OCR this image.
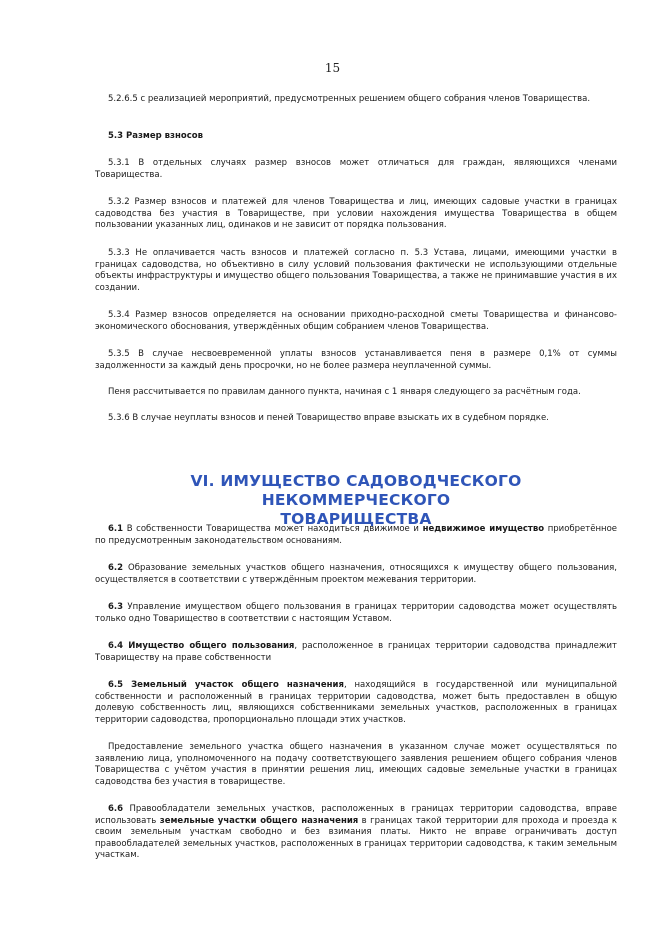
15
5.2.6.5 с реализацией мероприятий, предусмотренных решением общего собрания членов Товарищества.
5.3 Размер взносов
5.3.1 В отдельных случаях размер взносов может отличаться для граждан, являющихся членами Товарищества.
5.3.2 Размер взносов и платежей для членов Товарищества и лиц, имеющих садовые участки в границах садоводства без участия в Товариществе, при условии нахождения имущества Товарищества в общем пользовании указанных лиц, одинаков и не зависит от порядка пользования.
5.3.3 Не оплачивается часть взносов и платежей согласно п. 5.3 Устава, лицами, имеющими участки в границах садоводства, но объективно в силу условий пользования фактически не использующими отдельные объекты инфраструктуры и имущество общего пользования Товарищества, а также не принимавшие участия в их создании.
5.3.4 Размер взносов определяется на основании приходно-расходной сметы Товарищества и финансово-экономического обоснования, утверждённых общим собранием членов Товарищества.
5.3.5 В случае несвоевременной уплаты взносов устанавливается пеня в размере 0,1% от суммы задолженности за каждый день просрочки, но не более размера неуплаченной суммы.
Пеня рассчитывается по правилам данного пункта, начиная с 1 января следующего за расчётным года.
5.3.6 В случае неуплаты взносов и пеней Товарищество вправе взыскать их в судебном порядке.
VI. ИМУЩЕСТВО САДОВОДЧЕСКОГО НЕКОММЕРЧЕСКОГО
ТОВАРИЩЕСТВА
6.1 В собственности Товарищества может находиться движимое и недвижимое имущество приобретённое по предусмотренным законодательством основаниям.
6.2 Образование земельных участков общего назначения, относящихся к имуществу общего пользования, осуществляется в соответствии с утверждённым проектом межевания территории.
6.3 Управление имуществом общего пользования в границах территории садоводства может осуществлять только одно Товарищество в соответствии с настоящим Уставом.
6.4 Имущество общего пользования, расположенное в границах территории садоводства принадлежит Товариществу на праве собственности
6.5 Земельный участок общего назначения, находящийся в государственной или муниципальной собственности и расположенный в границах территории садоводства, может быть предоставлен в общую долевую собственность лиц, являющихся собственниками земельных участков, расположенных в границах территории садоводства, пропорционально площади этих участков.
Предоставление земельного участка общего назначения в указанном случае может осуществляться по заявлению лица, уполномоченного на подачу соответствующего заявления решением общего собрания членов Товарищества с учётом участия в принятии решения лиц, имеющих садовые земельные участки в границах садоводства без участия в товариществе.
6.6 Правообладатели земельных участков, расположенных в границах территории садоводства, вправе использовать земельные участки общего назначения в границах такой территории для прохода и проезда к своим земельным участкам свободно и без взимания платы. Никто не вправе ограничивать доступ правообладателей земельных участков, расположенных в границах территории садоводства, к таким земельным участкам.
